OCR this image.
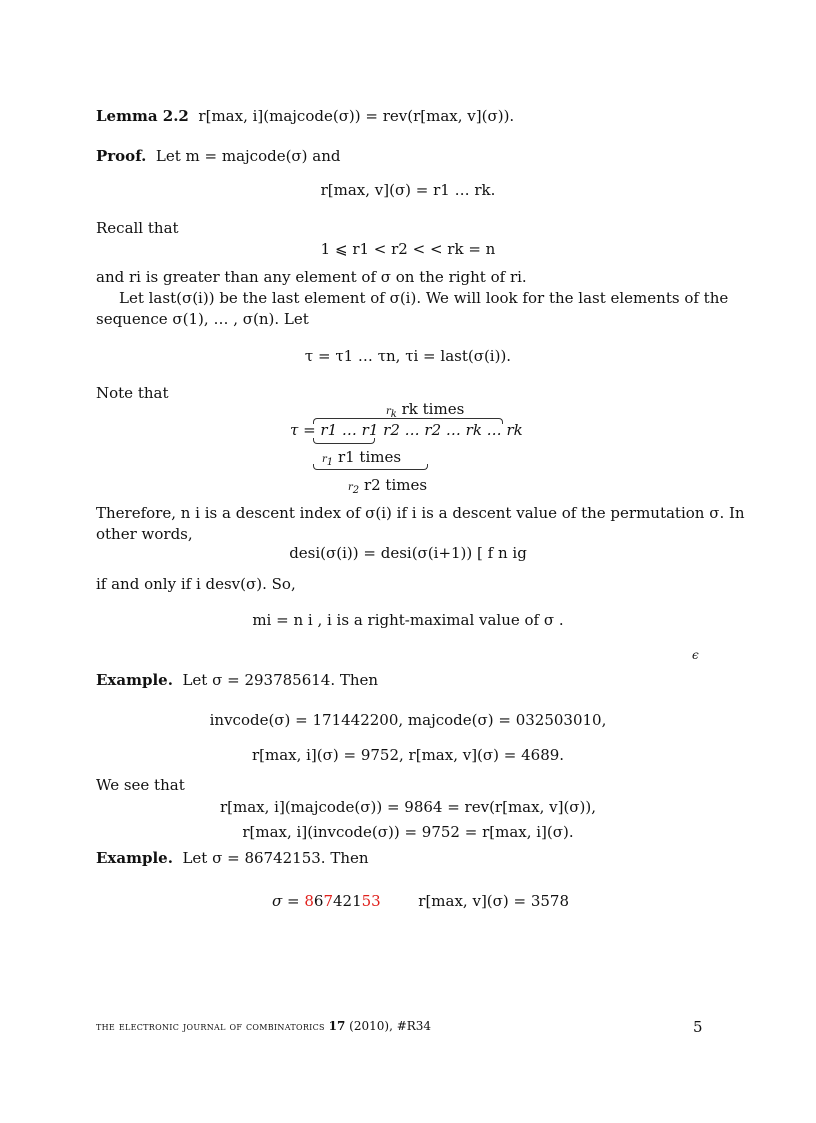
Lemma 2.2 r[max, i](majcode(σ)) = rev(r[max, v](σ)).
Proof. Let m = majcode(σ) and
r[max, v](σ) = r1 … rk.
Recall that
1 ⩽ r1 < r2 < < rk = n
and ri is greater than any element of σ on the right of ri.
Let last(σ(i)) be the last element of σ(i). We will look for the last elements of the
sequence σ(1), … , σ(n). Let
τ = τ1 … τn, τi = last(σ(i)).
Note that
$r_k$ rk times
τ = r1 … r1 r2 … r2 … rk … rk
$r_1$ r1 times
$r_2$ r2 times
Therefore, n i is a descent index of σ(i) if i is a descent value of the permutation σ. In
other words,
desi(σ(i)) = desi(σ(i+1)) [ f n ig
if and only if i desv(σ). So,
mi = n i , i is a right-maximal value of σ .
ϵ
Example. Let σ = 293785614. Then
invcode(σ) = 171442200, majcode(σ) = 032503010,
r[max, i](σ) = 9752, r[max, v](σ) = 4689.
We see that
r[max, i](majcode(σ)) = 9864 = rev(r[max, v](σ)),
r[max, i](invcode(σ)) = 9752 = r[max, i](σ).
Example. Let σ = 86742153. Then
σ = 86742153	r[max, v](σ) = 3578
the electronic journal of combinatorics 17 (2010), #R34	5
